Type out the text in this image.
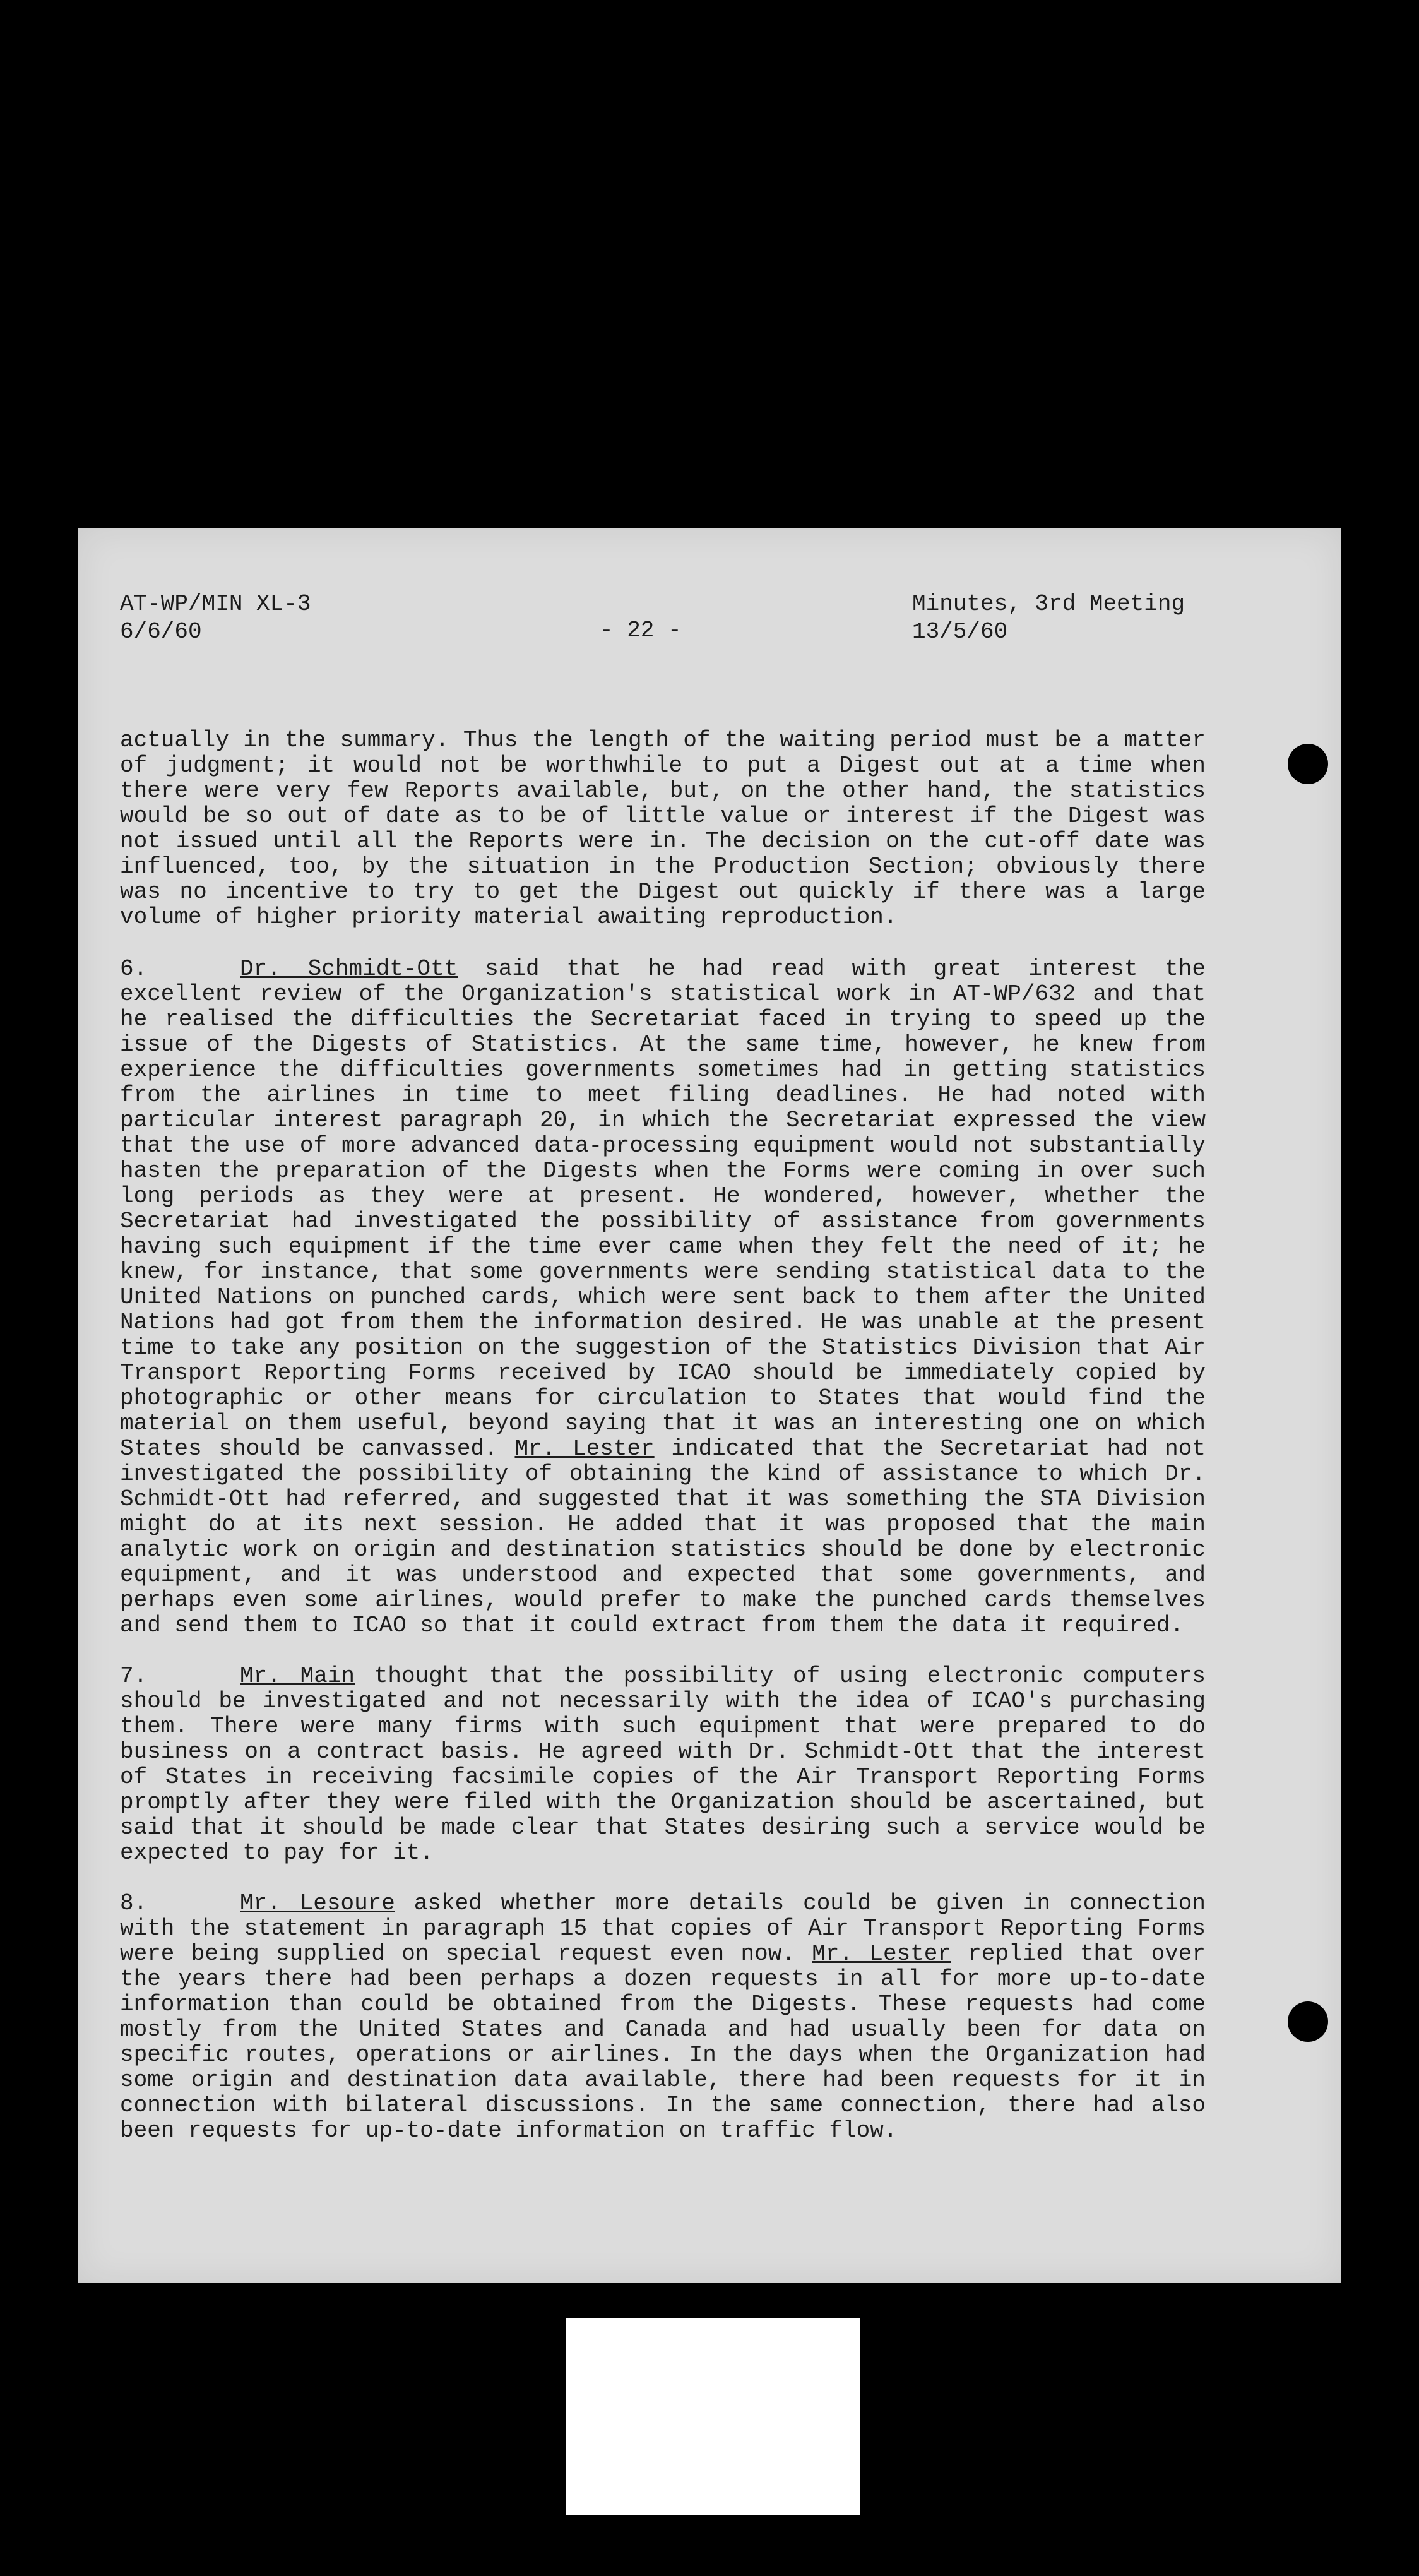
AT-WP/MIN XL-3
6/6/60	- 22 -
Minutes, 3rd Meeting
13/5/60

actually in the summary. Thus the length of the waiting period must be a matter of judgment; it would not be worthwhile to put a Digest out at a time when there were very few Reports available, but, on the other hand, the statistics would be so out of date as to be of little value or interest if the Digest was not issued until all the Reports were in. The decision on the cut-off date was influenced, too, by the situation in the Production Section; obviously there was no incentive to try to get the Digest out quickly if there was a large volume of higher priority material awaiting reproduction.

6.	Dr. Schmidt-Ott said that he had read with great interest the excellent review of the Organization's statistical work in AT-WP/632 and that he realised the difficulties the Secretariat faced in trying to speed up the issue of the Digests of Statistics. At the same time, however, he knew from experience the difficulties governments sometimes had in getting statistics from the airlines in time to meet filing deadlines. He had noted with particular interest paragraph 20, in which the Secretariat expressed the view that the use of more advanced data-processing equipment would not substantially hasten the preparation of the Digests when the Forms were coming in over such long periods as they were at present. He wondered, however, whether the Secretariat had investigated the possibility of assistance from governments having such equipment if the time ever came when they felt the need of it; he knew, for instance, that some governments were sending statistical data to the United Nations on punched cards, which were sent back to them after the United Nations had got from them the information desired. He was unable at the present time to take any position on the suggestion of the Statistics Division that Air Transport Reporting Forms received by ICAO should be immediately copied by photographic or other means for circulation to States that would find the material on them useful, beyond saying that it was an interesting one on which States should be canvassed. Mr. Lester indicated that the Secretariat had not investigated the possibility of obtaining the kind of assistance to which Dr. Schmidt-Ott had referred, and suggested that it was something the STA Division might do at its next session. He added that it was proposed that the main analytic work on origin and destination statistics should be done by electronic equipment, and it was understood and expected that some governments, and perhaps even some airlines, would prefer to make the punched cards themselves and send them to ICAO so that it could extract from them the data it required.

7.	Mr. Main thought that the possibility of using electronic computers should be investigated and not necessarily with the idea of ICAO's purchasing them. There were many firms with such equipment that were prepared to do business on a contract basis. He agreed with Dr. Schmidt-Ott that the interest of States in receiving facsimile copies of the Air Transport Reporting Forms promptly after they were filed with the Organization should be ascertained, but said that it should be made clear that States desiring such a service would be expected to pay for it.

8.	Mr. Lesoure asked whether more details could be given in connection with the statement in paragraph 15 that copies of Air Transport Reporting Forms were being supplied on special request even now. Mr. Lester replied that over the years there had been perhaps a dozen requests in all for more up-to-date information than could be obtained from the Digests. These requests had come mostly from the United States and Canada and had usually been for data on specific routes, operations or airlines. In the days when the Organization had some origin and destination data available, there had been requests for it in connection with bilateral discussions. In the same connection, there had also been requests for up-to-date information on traffic flow.
